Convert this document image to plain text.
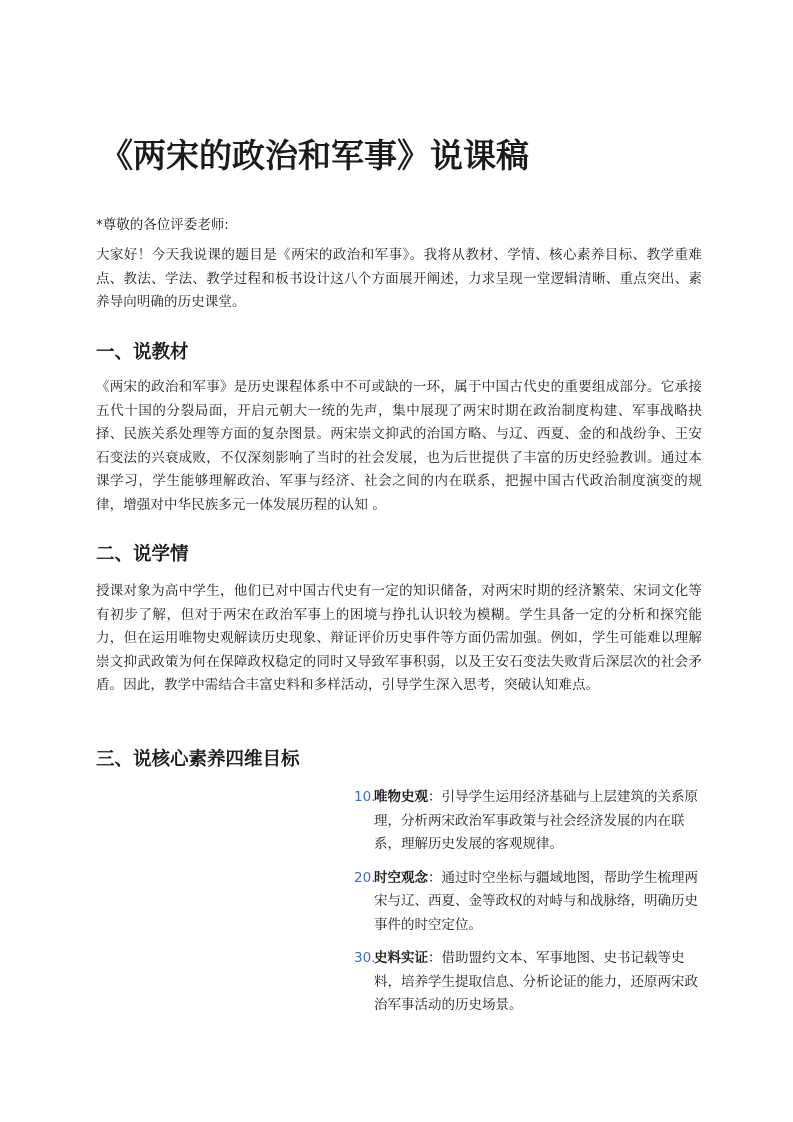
《两宋的政治和军事》说课稿

*尊敬的各位评委老师:

大家好！今天我说课的题目是《两宋的政治和军事》。我将从教材、学情、核心素养目标、教学重难点、教法、学法、教学过程和板书设计这八个方面展开阐述，力求呈现一堂逻辑清晰、重点突出、素养导向明确的历史课堂。

一、说教材

《两宋的政治和军事》是历史课程体系中不可或缺的一环，属于中国古代史的重要组成部分。它承接五代十国的分裂局面，开启元朝大一统的先声，集中展现了两宋时期在政治制度构建、军事战略抉择、民族关系处理等方面的复杂图景。两宋崇文抑武的治国方略、与辽、西夏、金的和战纷争、王安石变法的兴衰成败，不仅深刻影响了当时的社会发展，也为后世提供了丰富的历史经验教训。通过本课学习，学生能够理解政治、军事与经济、社会之间的内在联系，把握中国古代政治制度演变的规律，增强对中华民族多元一体发展历程的认知 。

二、说学情

授课对象为高中学生，他们已对中国古代史有一定的知识储备，对两宋时期的经济繁荣、宋词文化等有初步了解，但对于两宋在政治军事上的困境与挣扎认识较为模糊。学生具备一定的分析和探究能力，但在运用唯物史观解读历史现象、辩证评价历史事件等方面仍需加强。例如，学生可能难以理解崇文抑武政策为何在保障政权稳定的同时又导致军事积弱，以及王安石变法失败背后深层次的社会矛盾。因此，教学中需结合丰富史料和多样活动，引导学生深入思考，突破认知难点。

三、说核心素养四维目标
10.
唯物史观：引导学生运用经济基础与上层建筑的关系原理，分析两宋政治军事政策与社会经济发展的内在联系，理解历史发展的客观规律。
20.
时空观念：通过时空坐标与疆域地图，帮助学生梳理两宋与辽、西夏、金等政权的对峙与和战脉络，明确历史事件的时空定位。
30.
史料实证：借助盟约文本、军事地图、史书记载等史料，培养学生提取信息、分析论证的能力，还原两宋政治军事活动的历史场景。
